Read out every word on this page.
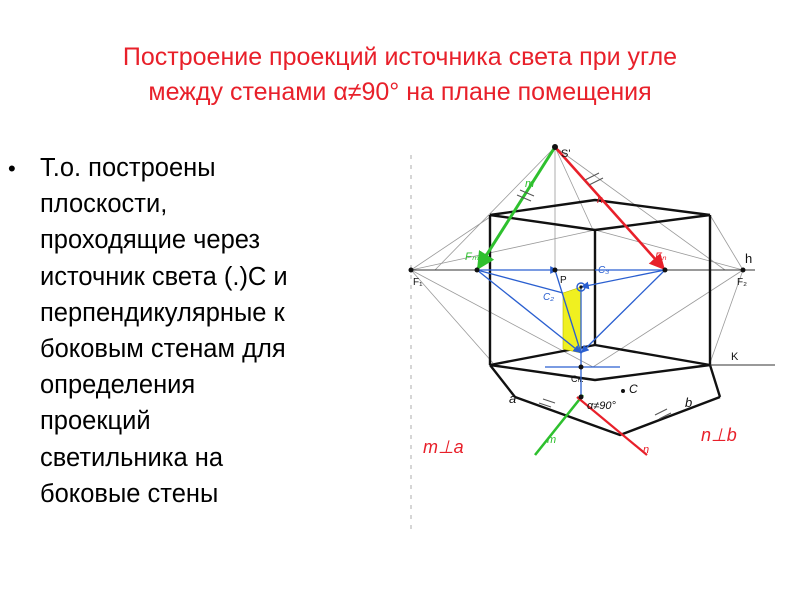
Построение проекций источника света при угле
между стенами α≠90° на плане помещения
• Т.о. построены
плоскости,
проходящие через
источник света (.)С и
перпендикулярные к
боковым стенам для
определения
проекций
светильника на
боковые стены
S'
h
F₁	F₂
Fₘ	Fₙ
P
C₂
C₃
K
Cₙ.
C
a	b
m
n
m
n
α≠90°
m⊥a
n⊥b
